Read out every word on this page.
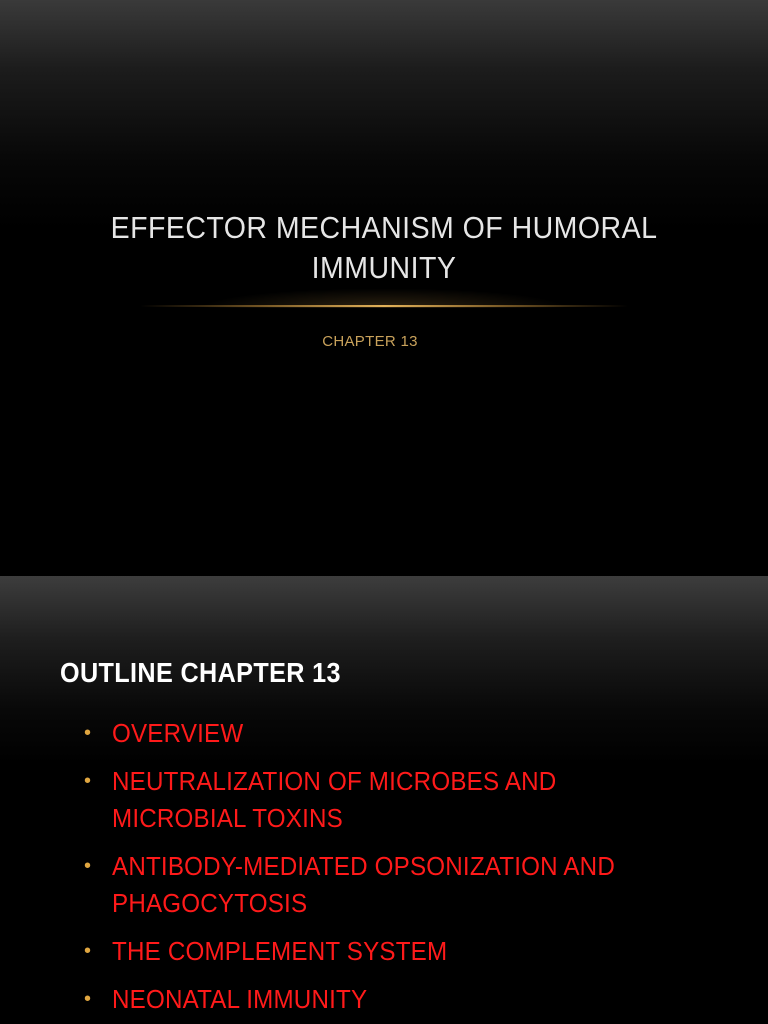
EFFECTOR MECHANISM OF HUMORAL IMMUNITY
CHAPTER 13
OUTLINE CHAPTER 13
• OVERVIEW
• NEUTRALIZATION OF MICROBES AND MICROBIAL TOXINS
• ANTIBODY-MEDIATED OPSONIZATION AND PHAGOCYTOSIS
• THE COMPLEMENT SYSTEM
• NEONATAL IMMUNITY
